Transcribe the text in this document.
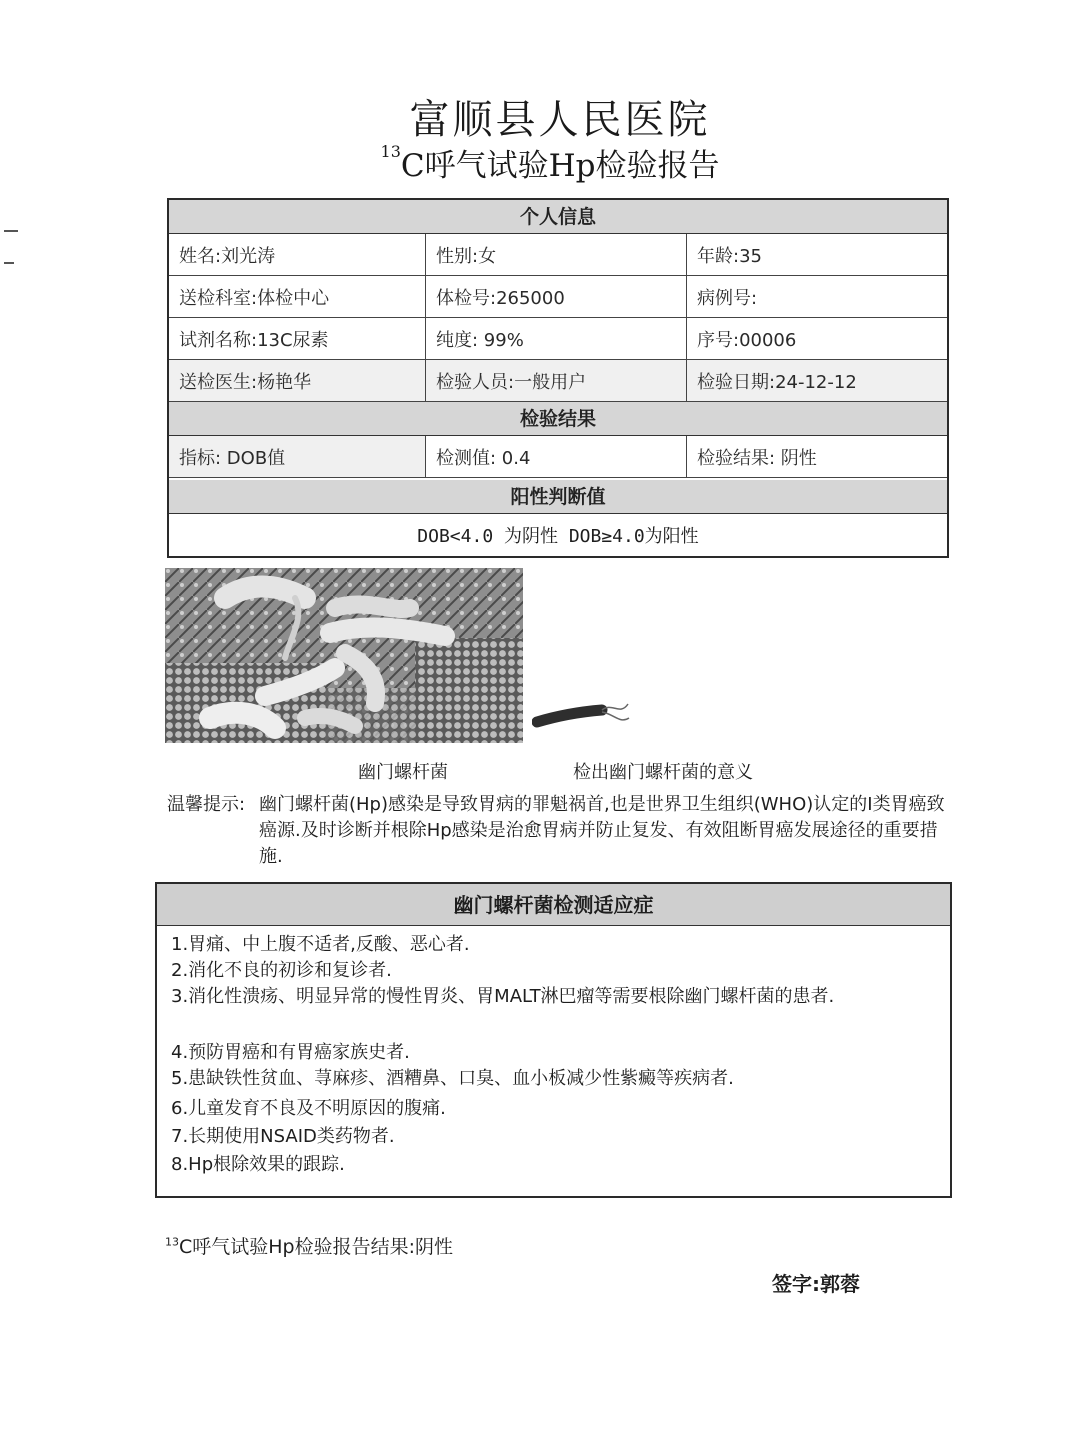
富顺县人民医院
$^{13}$C呼气试验Hp检验报告
个人信息
姓名:刘光涛	性别:女	年龄:35
送检科室:体检中心	体检号:265000	病例号:
试剂名称:13C尿素	纯度: 99%	序号:00006
送检医生:杨艳华	检验人员:一般用户	检验日期:24-12-12
检验结果
指标: DOB值	检测值: 0.4	检验结果: 阴性
阳性判断值
DOB<4.0 为阴性 DOB≥4.0为阳性
幽门螺杆菌	检出幽门螺杆菌的意义
温馨提示: 幽门螺杆菌(Hp)感染是导致胃病的罪魁祸首,也是世界卫生组织(WHO)认定的I类胃癌致癌源.及时诊断并根除Hp感染是治愈胃病并防止复发、有效阻断胃癌发展途径的重要措施.
幽门螺杆菌检测适应症
1.胃痛、中上腹不适者,反酸、恶心者.
2.消化不良的初诊和复诊者.
3.消化性溃疡、明显异常的慢性胃炎、胃MALT淋巴瘤等需要根除幽门螺杆菌的患者.
4.预防胃癌和有胃癌家族史者.
5.患缺铁性贫血、荨麻疹、酒糟鼻、口臭、血小板减少性紫癜等疾病者.
6.儿童发育不良及不明原因的腹痛.
7.长期使用NSAID类药物者.
8.Hp根除效果的跟踪.
$^{13}$C呼气试验Hp检验报告结果:阴性
签字:郭蓉
